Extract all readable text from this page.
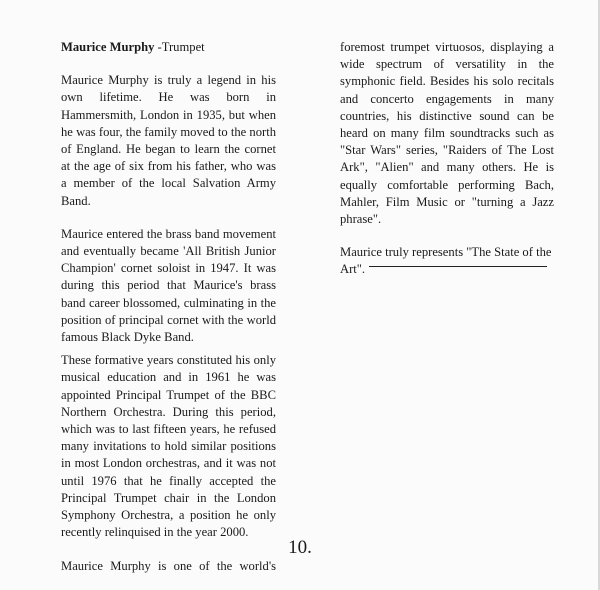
Maurice Murphy -Trumpet

Maurice Murphy is truly a legend in his own lifetime. He was born in Hammersmith, London in 1935, but when he was four, the family moved to the north of England. He began to learn the cornet at the age of six from his father, who was a member of the local Salvation Army Band.

Maurice entered the brass band movement and eventually became 'All British Junior Champion' cornet soloist in 1947. It was during this period that Maurice's brass band career blossomed, culminating in the position of principal cornet with the world famous Black Dyke Band.

These formative years constituted his only musical education and in 1961 he was appointed Principal Trumpet of the BBC Northern Orchestra. During this period, which was to last fifteen years, he refused many invitations to hold similar positions in most London orchestras, and it was not until 1976 that he finally accepted the Principal Trumpet chair in the London Symphony Orchestra, a position he only recently relinquised in the year 2000.

Maurice Murphy is one of the world's

foremost trumpet virtuosos, displaying a wide spectrum of versatility in the symphonic field. Besides his solo recitals and concerto engagements in many countries, his distinctive sound can be heard on many film soundtracks such as "Star Wars" series, "Raiders of The Lost Ark", "Alien" and many others. He is equally comfortable performing Bach, Mahler, Film Music or "turning a Jazz phrase".

Maurice truly represents "The State of the Art".

10.
